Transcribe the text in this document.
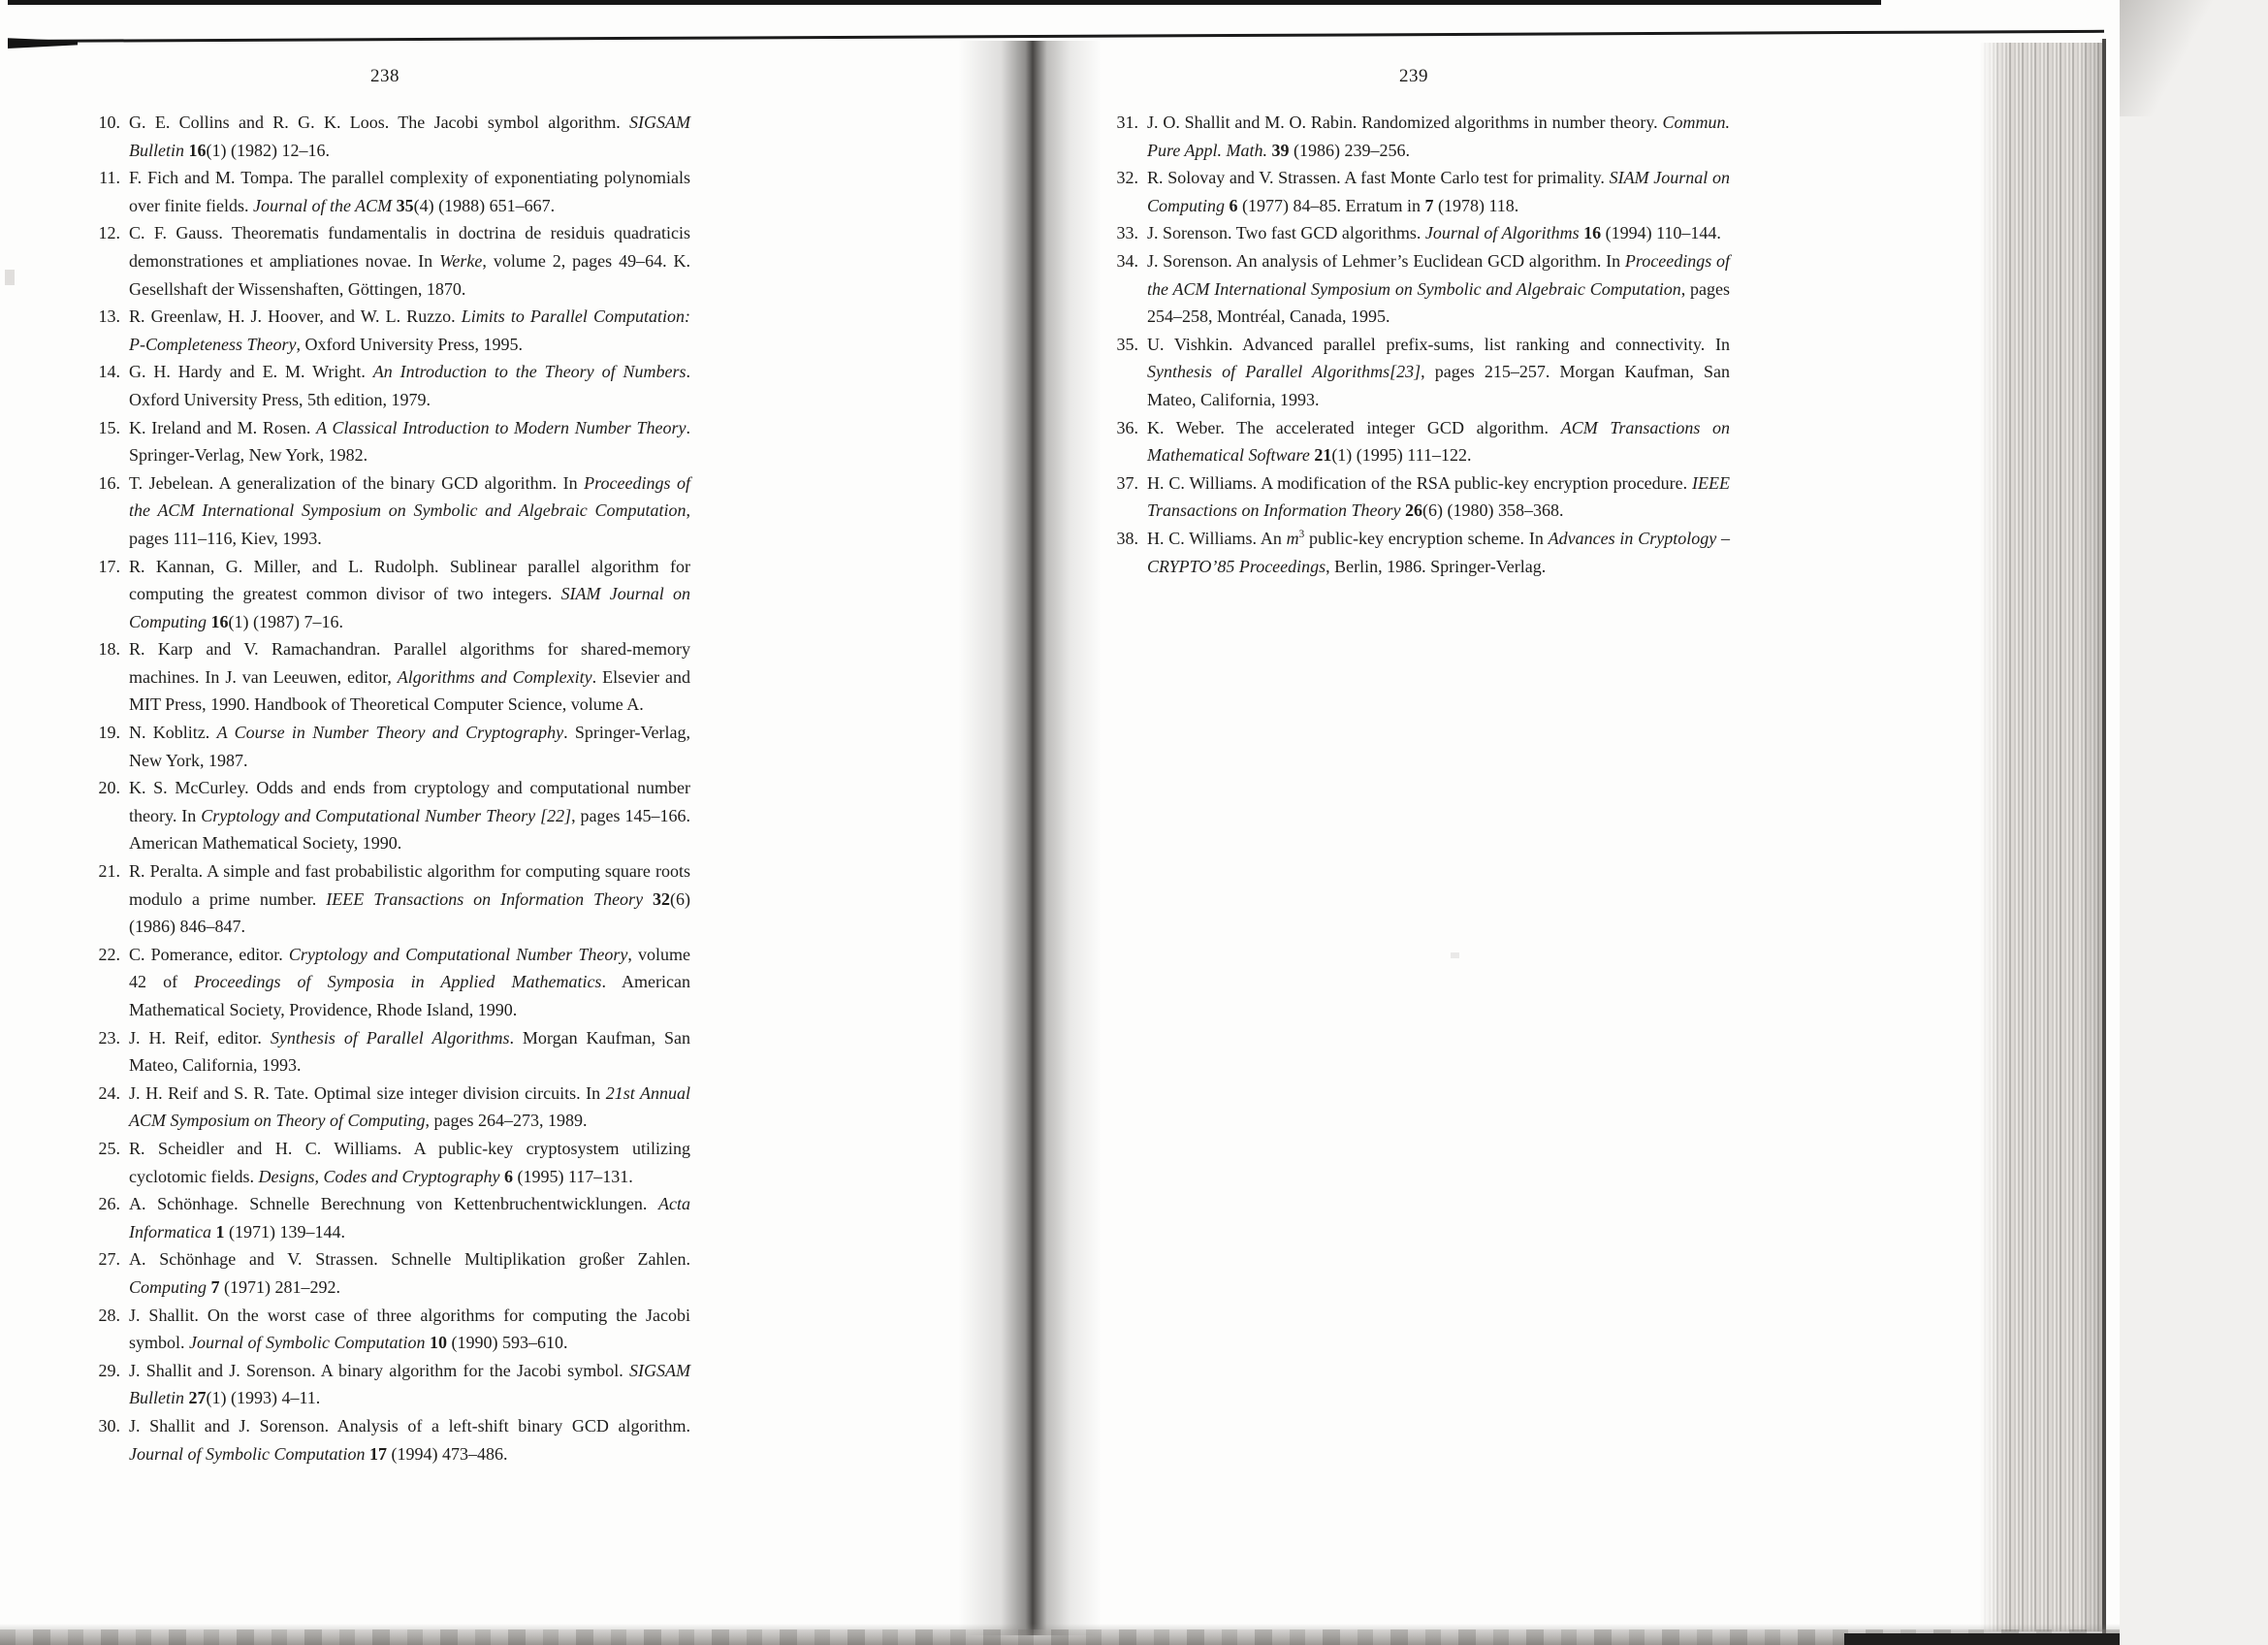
238
10. G. E. Collins and R. G. K. Loos. The Jacobi symbol algorithm. SIGSAM Bulletin 16(1) (1982) 12–16.
11. F. Fich and M. Tompa. The parallel complexity of exponentiating polynomials over finite fields. Journal of the ACM 35(4) (1988) 651–667.
12. C. F. Gauss. Theorematis fundamentalis in doctrina de residuis quadraticis demonstrationes et ampliationes novae. In Werke, volume 2, pages 49–64. K. Gesellshaft der Wissenshaften, Göttingen, 1870.
13. R. Greenlaw, H. J. Hoover, and W. L. Ruzzo. Limits to Parallel Computation: P-Completeness Theory, Oxford University Press, 1995.
14. G. H. Hardy and E. M. Wright. An Introduction to the Theory of Numbers. Oxford University Press, 5th edition, 1979.
15. K. Ireland and M. Rosen. A Classical Introduction to Modern Number Theory. Springer-Verlag, New York, 1982.
16. T. Jebelean. A generalization of the binary GCD algorithm. In Proceedings of the ACM International Symposium on Symbolic and Algebraic Computation, pages 111–116, Kiev, 1993.
17. R. Kannan, G. Miller, and L. Rudolph. Sublinear parallel algorithm for computing the greatest common divisor of two integers. SIAM Journal on Computing 16(1) (1987) 7–16.
18. R. Karp and V. Ramachandran. Parallel algorithms for shared-memory machines. In J. van Leeuwen, editor, Algorithms and Complexity. Elsevier and MIT Press, 1990. Handbook of Theoretical Computer Science, volume A.
19. N. Koblitz. A Course in Number Theory and Cryptography. Springer-Verlag, New York, 1987.
20. K. S. McCurley. Odds and ends from cryptology and computational number theory. In Cryptology and Computational Number Theory [22], pages 145–166. American Mathematical Society, 1990.
21. R. Peralta. A simple and fast probabilistic algorithm for computing square roots modulo a prime number. IEEE Transactions on Information Theory 32(6) (1986) 846–847.
22. C. Pomerance, editor. Cryptology and Computational Number Theory, volume 42 of Proceedings of Symposia in Applied Mathematics. American Mathematical Society, Providence, Rhode Island, 1990.
23. J. H. Reif, editor. Synthesis of Parallel Algorithms. Morgan Kaufman, San Mateo, California, 1993.
24. J. H. Reif and S. R. Tate. Optimal size integer division circuits. In 21st Annual ACM Symposium on Theory of Computing, pages 264–273, 1989.
25. R. Scheidler and H. C. Williams. A public-key cryptosystem utilizing cyclotomic fields. Designs, Codes and Cryptography 6 (1995) 117–131.
26. A. Schönhage. Schnelle Berechnung von Kettenbruchentwicklungen. Acta Informatica 1 (1971) 139–144.
27. A. Schönhage and V. Strassen. Schnelle Multiplikation großer Zahlen. Computing 7 (1971) 281–292.
28. J. Shallit. On the worst case of three algorithms for computing the Jacobi symbol. Journal of Symbolic Computation 10 (1990) 593–610.
29. J. Shallit and J. Sorenson. A binary algorithm for the Jacobi symbol. SIGSAM Bulletin 27(1) (1993) 4–11.
30. J. Shallit and J. Sorenson. Analysis of a left-shift binary GCD algorithm. Journal of Symbolic Computation 17 (1994) 473–486.
239
31. J. O. Shallit and M. O. Rabin. Randomized algorithms in number theory. Commun. Pure Appl. Math. 39 (1986) 239–256.
32. R. Solovay and V. Strassen. A fast Monte Carlo test for primality. SIAM Journal on Computing 6 (1977) 84–85. Erratum in 7 (1978) 118.
33. J. Sorenson. Two fast GCD algorithms. Journal of Algorithms 16 (1994) 110–144.
34. J. Sorenson. An analysis of Lehmer’s Euclidean GCD algorithm. In Proceedings of the ACM International Symposium on Symbolic and Algebraic Computation, pages 254–258, Montréal, Canada, 1995.
35. U. Vishkin. Advanced parallel prefix-sums, list ranking and connectivity. In Synthesis of Parallel Algorithms[23], pages 215–257. Morgan Kaufman, San Mateo, California, 1993.
36. K. Weber. The accelerated integer GCD algorithm. ACM Transactions on Mathematical Software 21(1) (1995) 111–122.
37. H. C. Williams. A modification of the RSA public-key encryption procedure. IEEE Transactions on Information Theory 26(6) (1980) 358–368.
38. H. C. Williams. An $m^3$ public-key encryption scheme. In Advances in Cryptology – CRYPTO’85 Proceedings, Berlin, 1986. Springer-Verlag.
